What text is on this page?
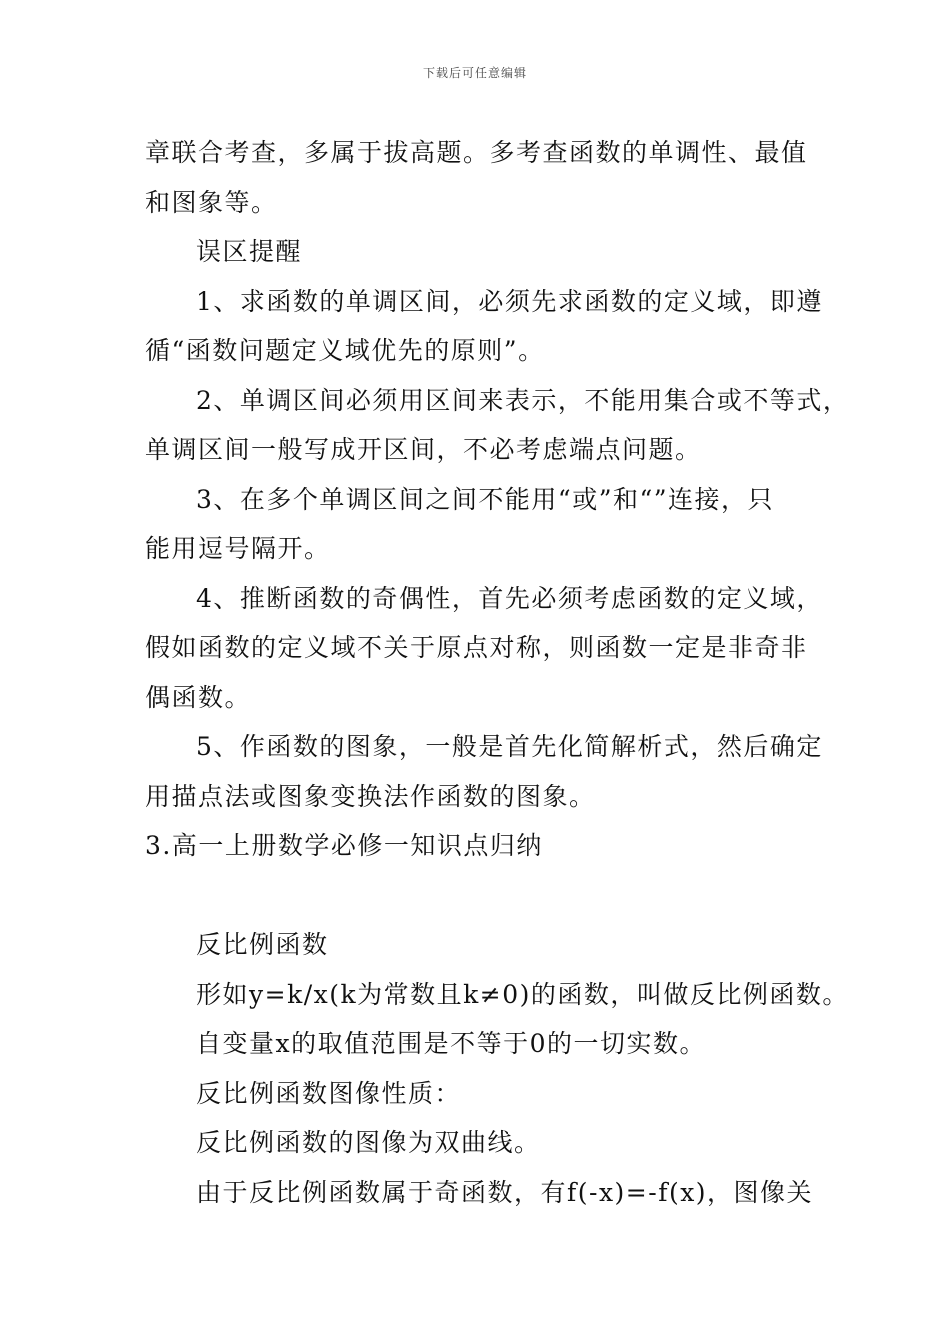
下载后可任意编辑
章联合考查，多属于拔高题。多考查函数的单调性、最值
和图象等。
误区提醒
1、求函数的单调区间，必须先求函数的定义域，即遵
循“函数问题定义域优先的原则”。
2、单调区间必须用区间来表示，不能用集合或不等式，
单调区间一般写成开区间，不必考虑端点问题。
3、在多个单调区间之间不能用“或”和“”连接，只
能用逗号隔开。
4、推断函数的奇偶性，首先必须考虑函数的定义域，
假如函数的定义域不关于原点对称，则函数一定是非奇非
偶函数。
5、作函数的图象，一般是首先化简解析式，然后确定
用描点法或图象变换法作函数的图象。
3.高一上册数学必修一知识点归纳
反比例函数
形如y=k/x(k为常数且k≠0)的函数，叫做反比例函数。
自变量x的取值范围是不等于0的一切实数。
反比例函数图像性质：
反比例函数的图像为双曲线。
由于反比例函数属于奇函数，有f(-x)=-f(x)，图像关
